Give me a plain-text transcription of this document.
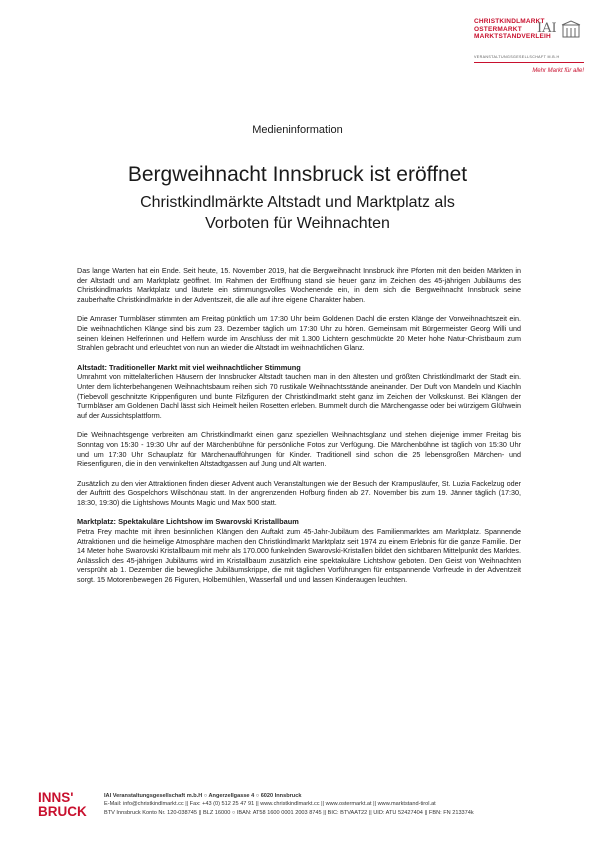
CHRISTKINDLMARKT
OSTERMARKT
MARKTSTANDVERLEIH
IAI
VERANSTALTUNGSGESELLSCHAFT M.B.H
Mehr Markt für alle!
Medieninformation
Bergweihnacht Innsbruck ist eröffnet
Christkindlmärkte Altstadt und Marktplatz als
Vorboten für Weihnachten

Das lange Warten hat ein Ende. Seit heute, 15. November 2019, hat die Bergweihnacht Innsbruck ihre Pforten mit den beiden Märkten in der Altstadt und am Marktplatz geöffnet. Im Rahmen der Eröffnung stand sie heuer ganz im Zeichen des 45-jährigen Jubiläums des Christkindlmarkts Marktplatz und läutete ein stimmungsvolles Wochenende ein, in dem sich die Bergweihnacht Innsbruck seine zauberhafte Christkindlmärkte in der Adventszeit, die alle auf ihre eigene Charakter haben.

Die Amraser Turmbläser stimmten am Freitag pünktlich um 17:30 Uhr beim Goldenen Dachl die ersten Klänge der Vorweihnachtszeit ein. Die weihnachtlichen Klänge sind bis zum 23. Dezember täglich um 17:30 Uhr zu hören. Gemeinsam mit Bürgermeister Georg Willi und seinen kleinen Helferinnen und Helfern wurde im Anschluss der mit 1.300 Lichtern geschmückte 20 Meter hohe Natur-Christbaum zum Strahlen gebracht und erleuchtet von nun an wieder die Altstadt im weihnachtlichen Glanz.

Altstadt: Traditioneller Markt mit viel weihnachtlicher Stimmung

Umrahmt von mittelalterlichen Häusern der Innsbrucker Altstadt tauchen man in den ältesten und größten Christkindlmarkt der Stadt ein. Unter dem lichterbehangenen Weihnachtsbaum reihen sich 70 rustikale Weihnachtsstände aneinander. Der Duft von Mandeln und Kiachln (Tiebevoll geschnitzte Krippenfiguren und bunte Filzfiguren der Christkindlmarkt steht ganz im Zeichen der Volkskunst. Bei Klängen der Turmbläser am Goldenen Dachl lässt sich Heimelt heilen Rosetten erleben. Bummelt durch die Märchengasse oder bei würzigem Glühwein auf der Aussichtsplattform.

Die Weihnachtsgenge verbreiten am Christkindlmarkt einen ganz speziellen Weihnachtsglanz und stehen diejenige immer Freitag bis Sonntag von 15:30 - 19:30 Uhr auf der Märchenbühne für persönliche Fotos zur Verfügung. Die Märchenbühne ist täglich von 15:30 Uhr und um 17:30 Uhr Schauplatz für Märchenaufführungen für Kinder. Traditionell sind schon die 25 lebensgroßen Märchen- und Riesenfiguren, die in den verwinkelten Altstadtgassen auf Jung und Alt warten.

Zusätzlich zu den vier Attraktionen finden dieser Advent auch Veranstaltungen wie der Besuch der Krampusläufer, St. Luzia Fackelzug oder der Auftritt des Gospelchors Wilschönau statt. In der angrenzenden Hofburg finden ab 27. November bis zum 19. Jänner täglich (17:30, 18:30, 19:30) die Lightshows Mounts Magic und Max 500 statt.

Marktplatz: Spektakuläre Lichtshow im Swarovski Kristallbaum

Petra Frey machte mit ihren besinnlichen Klängen den Auftakt zum 45-Jahr-Jubiläum des Familienmarktes am Marktplatz. Spannende Attraktionen und die heimelige Atmosphäre machen den Christkindlmarkt Marktplatz seit 1974 zu einem Erlebnis für die ganze Familie. Der 14 Meter hohe Swarovski Kristallbaum mit mehr als 170.000 funkelnden Swarovski-Kristallen bildet den sichtbaren Mittelpunkt des Marktes. Anlässlich des 45-jährigen Jubiläums wird im Kristallbaum zusätzlich eine spektakuläre Lichtshow geboten. Den Geist von Weihnachten versprüht ab 1. Dezember die bewegliche Jubiläumskrippe, die mit täglichen Vorführungen für entspannende Vorfreude in der Adventzeit sorgt. 15 Motorenbewegen 26 Figuren, Holbemühlen, Wasserfall und und lassen Kinderaugen leuchten.

INNS'
BRUCK
IAI Veranstaltungsgesellschaft m.b.H ○ Angerzellgasse 4 ○ 6020 Innsbruck
E-Mail: info@christkindlmarkt.cc || Fax: +43 (0) 512 25 47 91 || www.christkindlmarkt.cc || www.ostermarkt.at || www.marktstand-tirol.at
BTV Innsbruck Konto Nr. 120-038745 || BLZ 16000 ○ IBAN: AT58 1600 0001 2003 8745 || BIC: BTVAAT22 || UID: ATU 52427404 || FBN: FN 213374k
